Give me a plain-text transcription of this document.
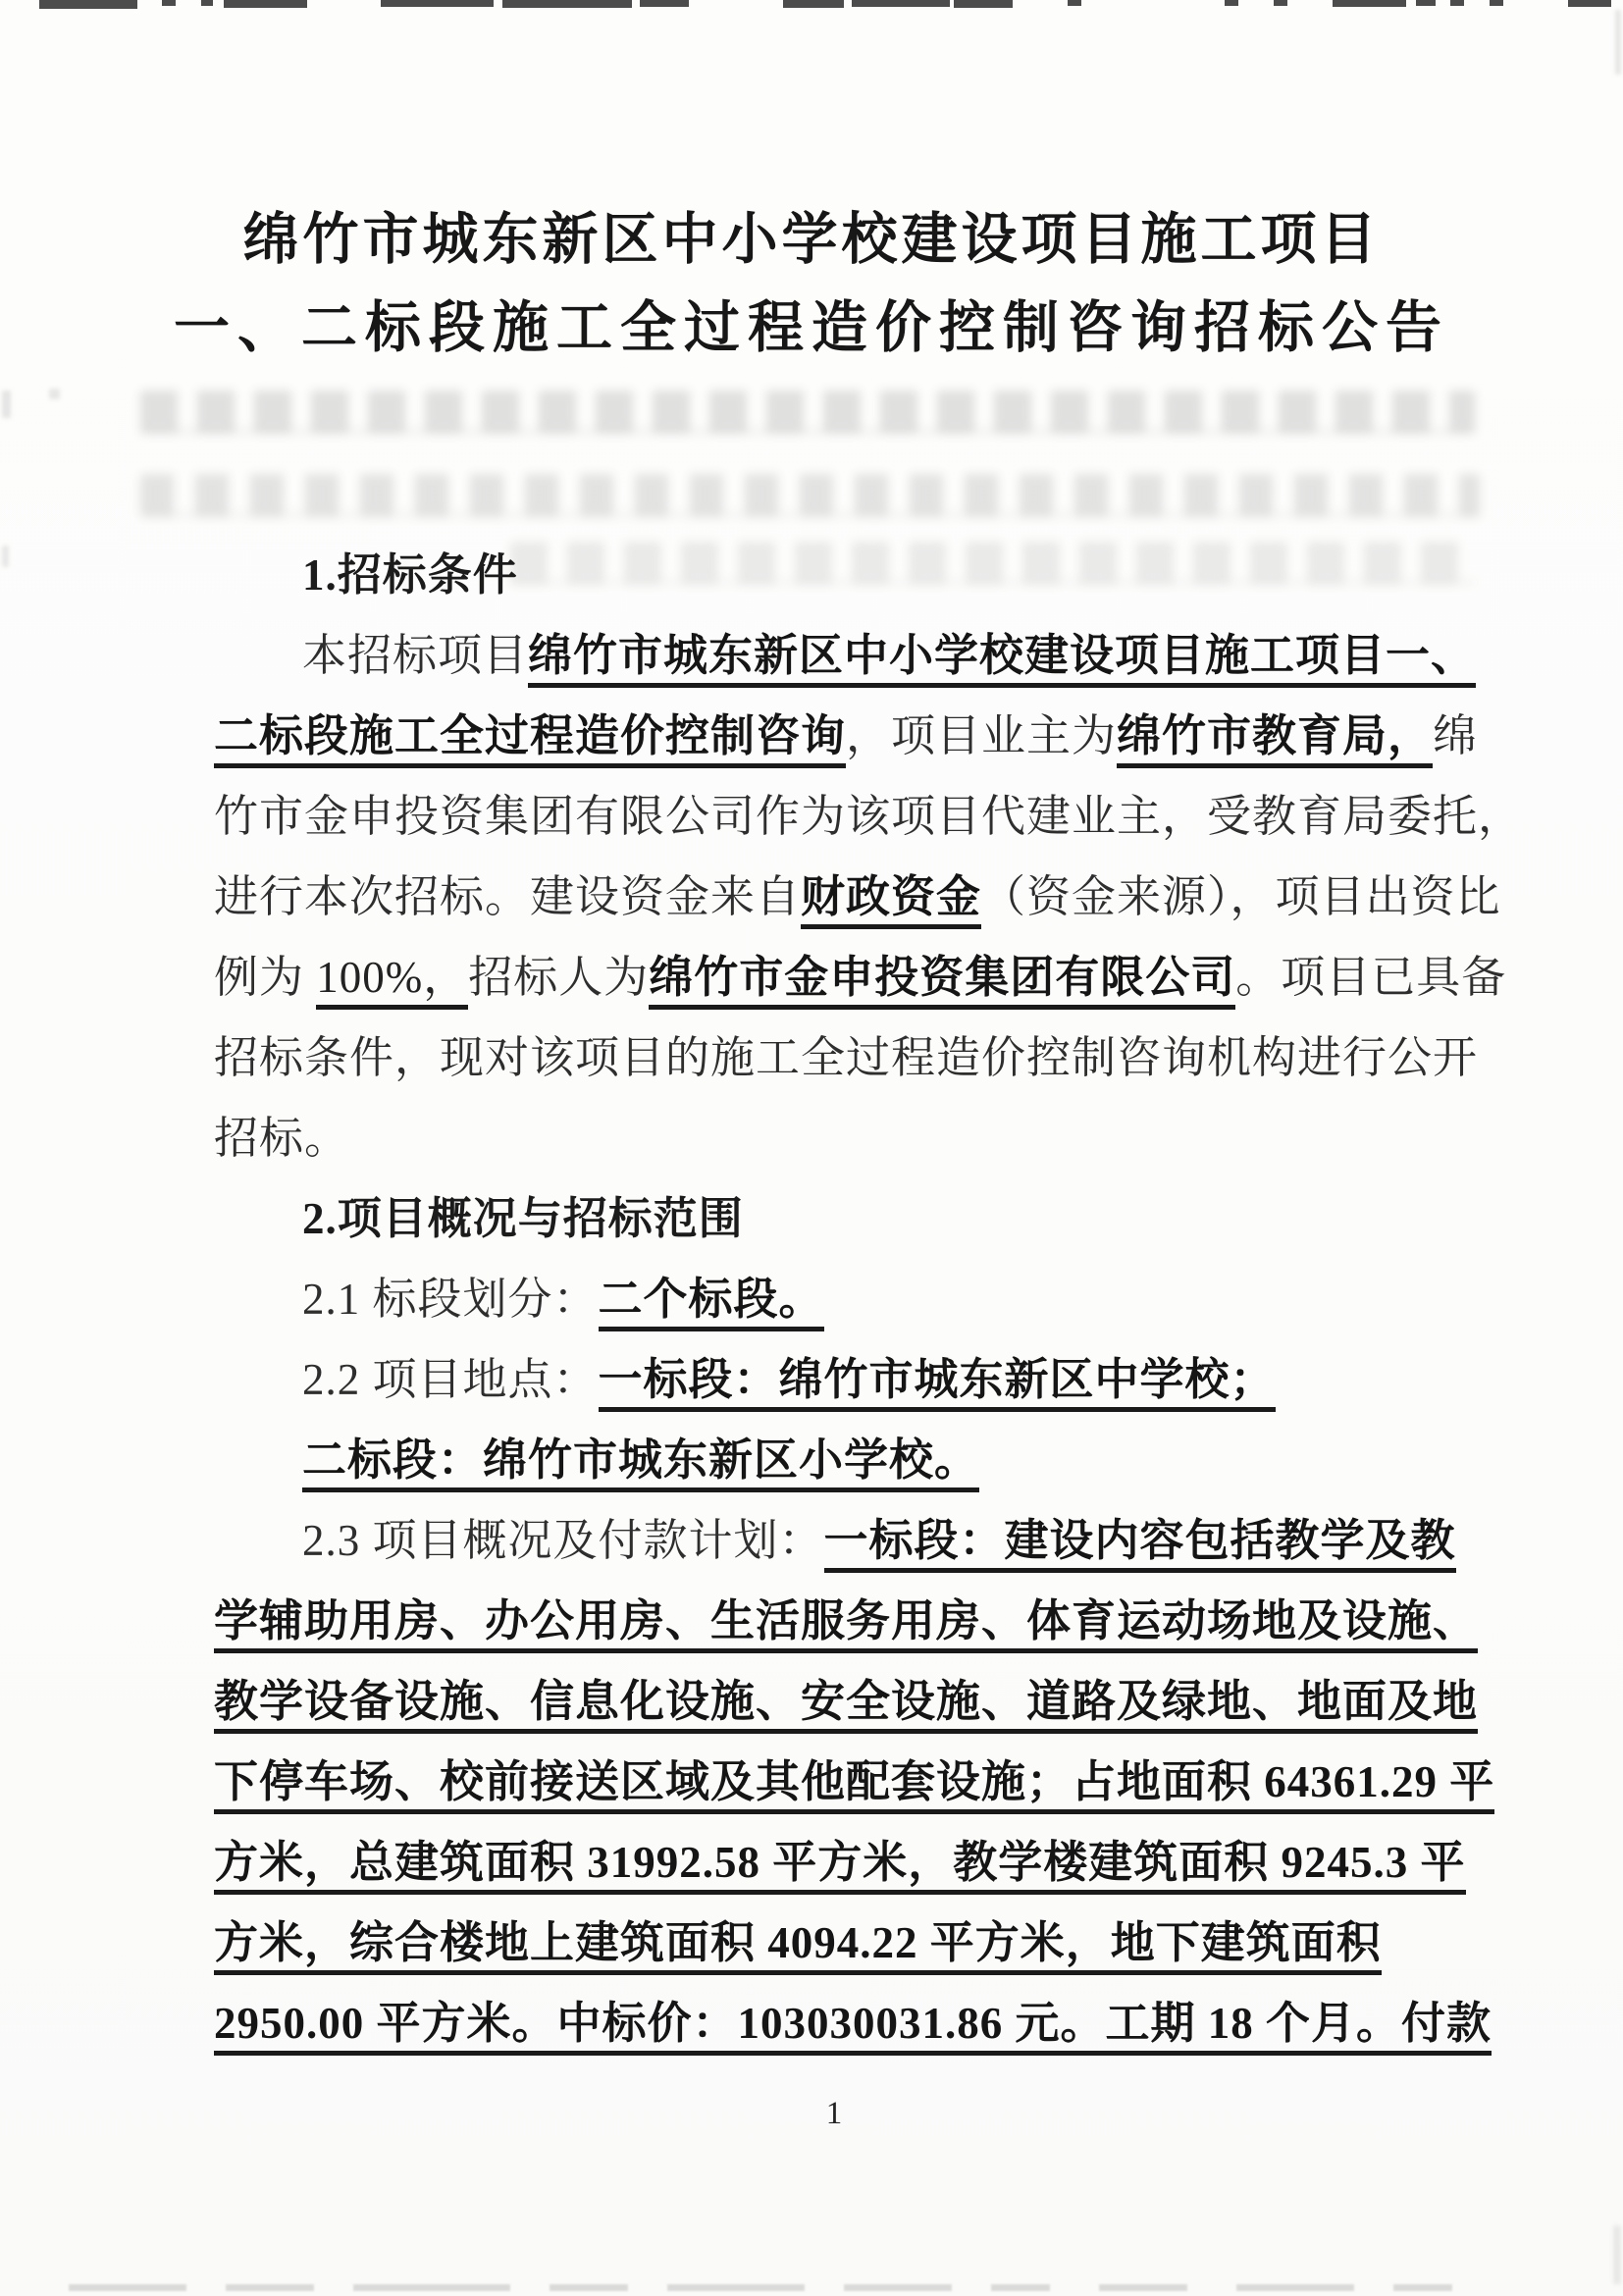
绵竹市城东新区中小学校建设项目施工项目
一、二标段施工全过程造价控制咨询招标公告
1.招标条件
本招标项目绵竹市城东新区中小学校建设项目施工项目一、
二标段施工全过程造价控制咨询，项目业主为绵竹市教育局，绵
竹市金申投资集团有限公司作为该项目代建业主，受教育局委托，
进行本次招标。建设资金来自财政资金（资金来源），项目出资比
例为 100%，招标人为绵竹市金申投资集团有限公司。项目已具备
招标条件，现对该项目的施工全过程造价控制咨询机构进行公开
招标。
2.项目概况与招标范围
2.1 标段划分：二个标段。
2.2 项目地点：一标段：绵竹市城东新区中学校；
二标段：绵竹市城东新区小学校。
2.3 项目概况及付款计划：一标段：建设内容包括教学及教
学辅助用房、办公用房、生活服务用房、体育运动场地及设施、
教学设备设施、信息化设施、安全设施、道路及绿地、地面及地
下停车场、校前接送区域及其他配套设施；占地面积 64361.29 平
方米，总建筑面积 31992.58 平方米，教学楼建筑面积 9245.3 平
方米，综合楼地上建筑面积 4094.22 平方米，地下建筑面积
2950.00 平方米。中标价：103030031.86 元。工期 18 个月。付款
1
